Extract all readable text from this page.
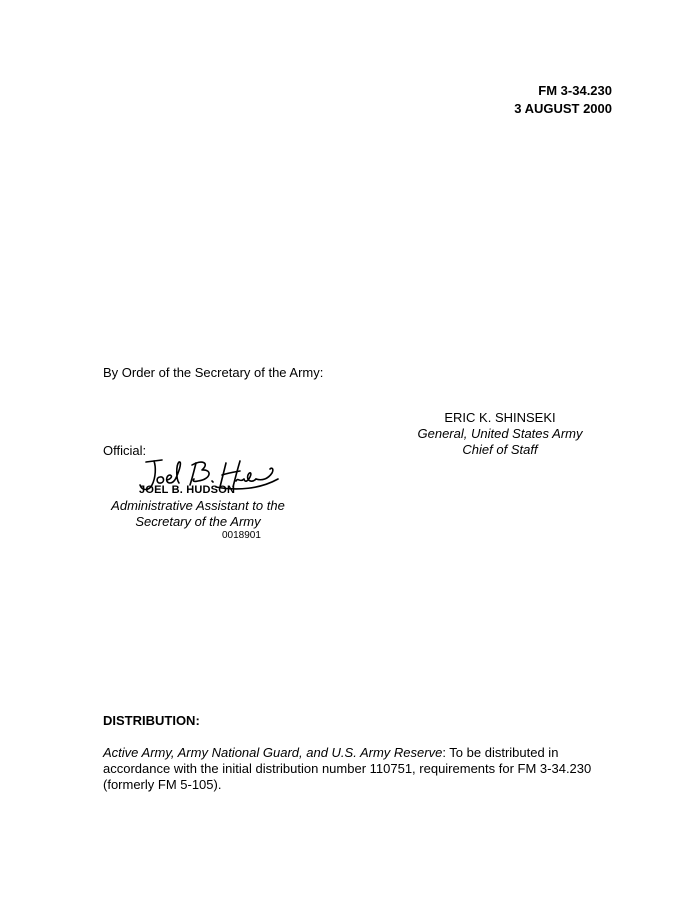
FM 3-34.230
3 AUGUST 2000
By Order of the Secretary of the Army:
ERIC K. SHINSEKI
General, United States Army
Chief of Staff
Official:
JOEL B. HUDSON
Administrative Assistant to the
Secretary of the Army
0018901
DISTRIBUTION:
Active Army, Army National Guard, and U.S. Army Reserve: To be distributed in accordance with the initial distribution number 110751, requirements for FM 3-34.230 (formerly FM 5-105).
